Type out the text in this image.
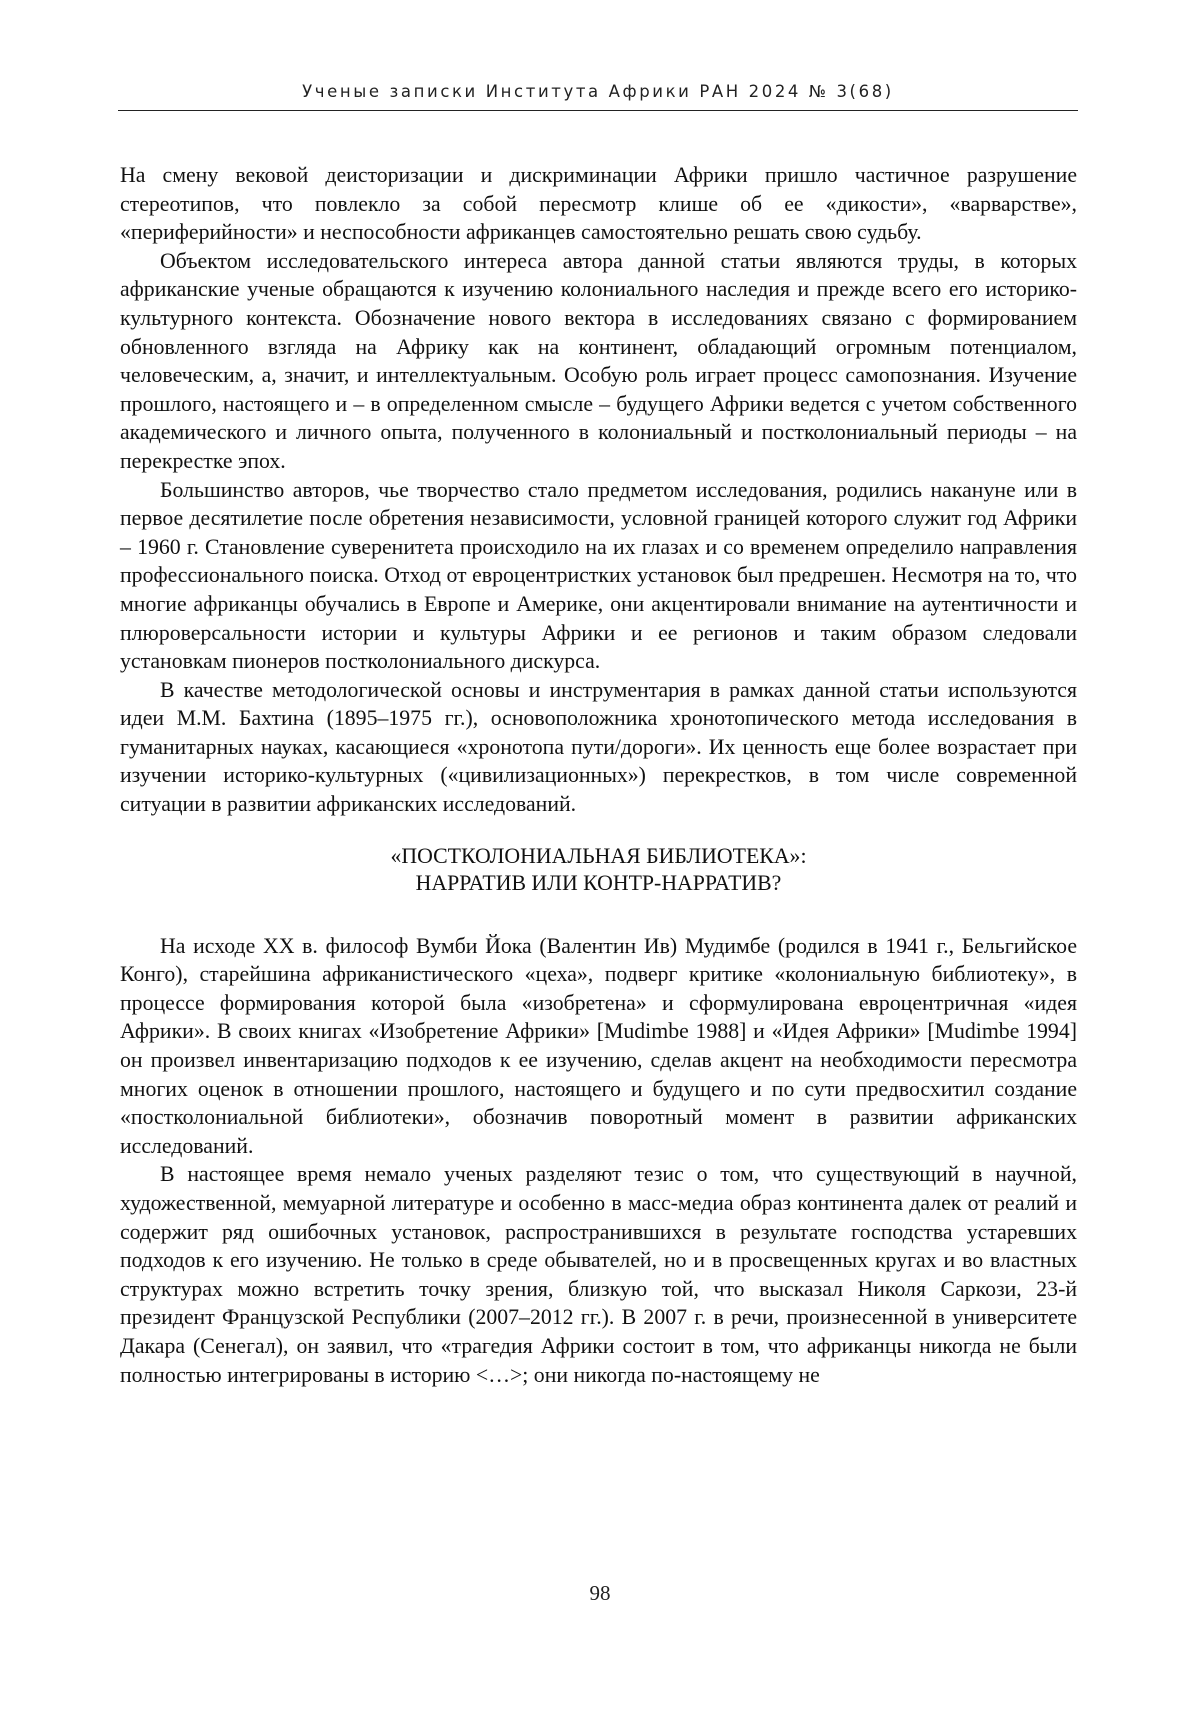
Ученые записки Института Африки РАН 2024 № 3(68)

На смену вековой деисторизации и дискриминации Африки пришло частичное разрушение стереотипов, что повлекло за собой пересмотр клише об ее «дикости», «варварстве», «периферийности» и неспособности африканцев самостоятельно решать свою судьбу.

Объектом исследовательского интереса автора данной статьи являются труды, в которых африканские ученые обращаются к изучению колониального наследия и прежде всего его историко-культурного контекста. Обозначение нового вектора в исследованиях связано с формированием обновленного взгляда на Африку как на континент, обладающий огромным потенциалом, человеческим, а, значит, и интеллектуальным. Особую роль играет процесс самопознания. Изучение прошлого, настоящего и – в определенном смысле – будущего Африки ведется с учетом собственного академического и личного опыта, полученного в колониальный и постколониальный периоды – на перекрестке эпох.

Большинство авторов, чье творчество стало предметом исследования, родились накануне или в первое десятилетие после обретения независимости, условной границей которого служит год Африки – 1960 г. Становление суверенитета происходило на их глазах и со временем определило направления профессионального поиска. Отход от евроцентристких установок был предрешен. Несмотря на то, что многие африканцы обучались в Европе и Америке, они акцентировали внимание на аутентичности и плюроверсальности истории и культуры Африки и ее регионов и таким образом следовали установкам пионеров постколониального дискурса.

В качестве методологической основы и инструментария в рамках данной статьи используются идеи М.М. Бахтина (1895–1975 гг.), основоположника хронотопического метода исследования в гуманитарных науках, касающиеся «хронотопа пути/дороги». Их ценность еще более возрастает при изучении историко-культурных («цивилизационных») перекрестков, в том числе современной ситуации в развитии африканских исследований.

«ПОСТКОЛОНИАЛЬНАЯ БИБЛИОТЕКА»:
НАРРАТИВ ИЛИ КОНТР-НАРРАТИВ?

На исходе XX в. философ Вумби Йока (Валентин Ив) Мудимбе (родился в 1941 г., Бельгийское Конго), старейшина африканистического «цеха», подверг критике «колониальную библиотеку», в процессе формирования которой была «изобретена» и сформулирована евроцентричная «идея Африки». В своих книгах «Изобретение Африки» [Mudimbe 1988] и «Идея Африки» [Mudimbe 1994] он произвел инвентаризацию подходов к ее изучению, сделав акцент на необходимости пересмотра многих оценок в отношении прошлого, настоящего и будущего и по сути предвосхитил создание «постколониальной библиотеки», обозначив поворотный момент в развитии африканских исследований.

В настоящее время немало ученых разделяют тезис о том, что существующий в научной, художественной, мемуарной литературе и особенно в масс-медиа образ континента далек от реалий и содержит ряд ошибочных установок, распространившихся в результате господства устаревших подходов к его изучению. Не только в среде обывателей, но и в просвещенных кругах и во властных структурах можно встретить точку зрения, близкую той, что высказал Николя Саркози, 23-й президент Французской Республики (2007–2012 гг.). В 2007 г. в речи, произнесенной в университете Дакара (Сенегал), он заявил, что «трагедия Африки состоит в том, что африканцы никогда не были полностью интегрированы в историю <…>; они никогда по-настоящему не

98
